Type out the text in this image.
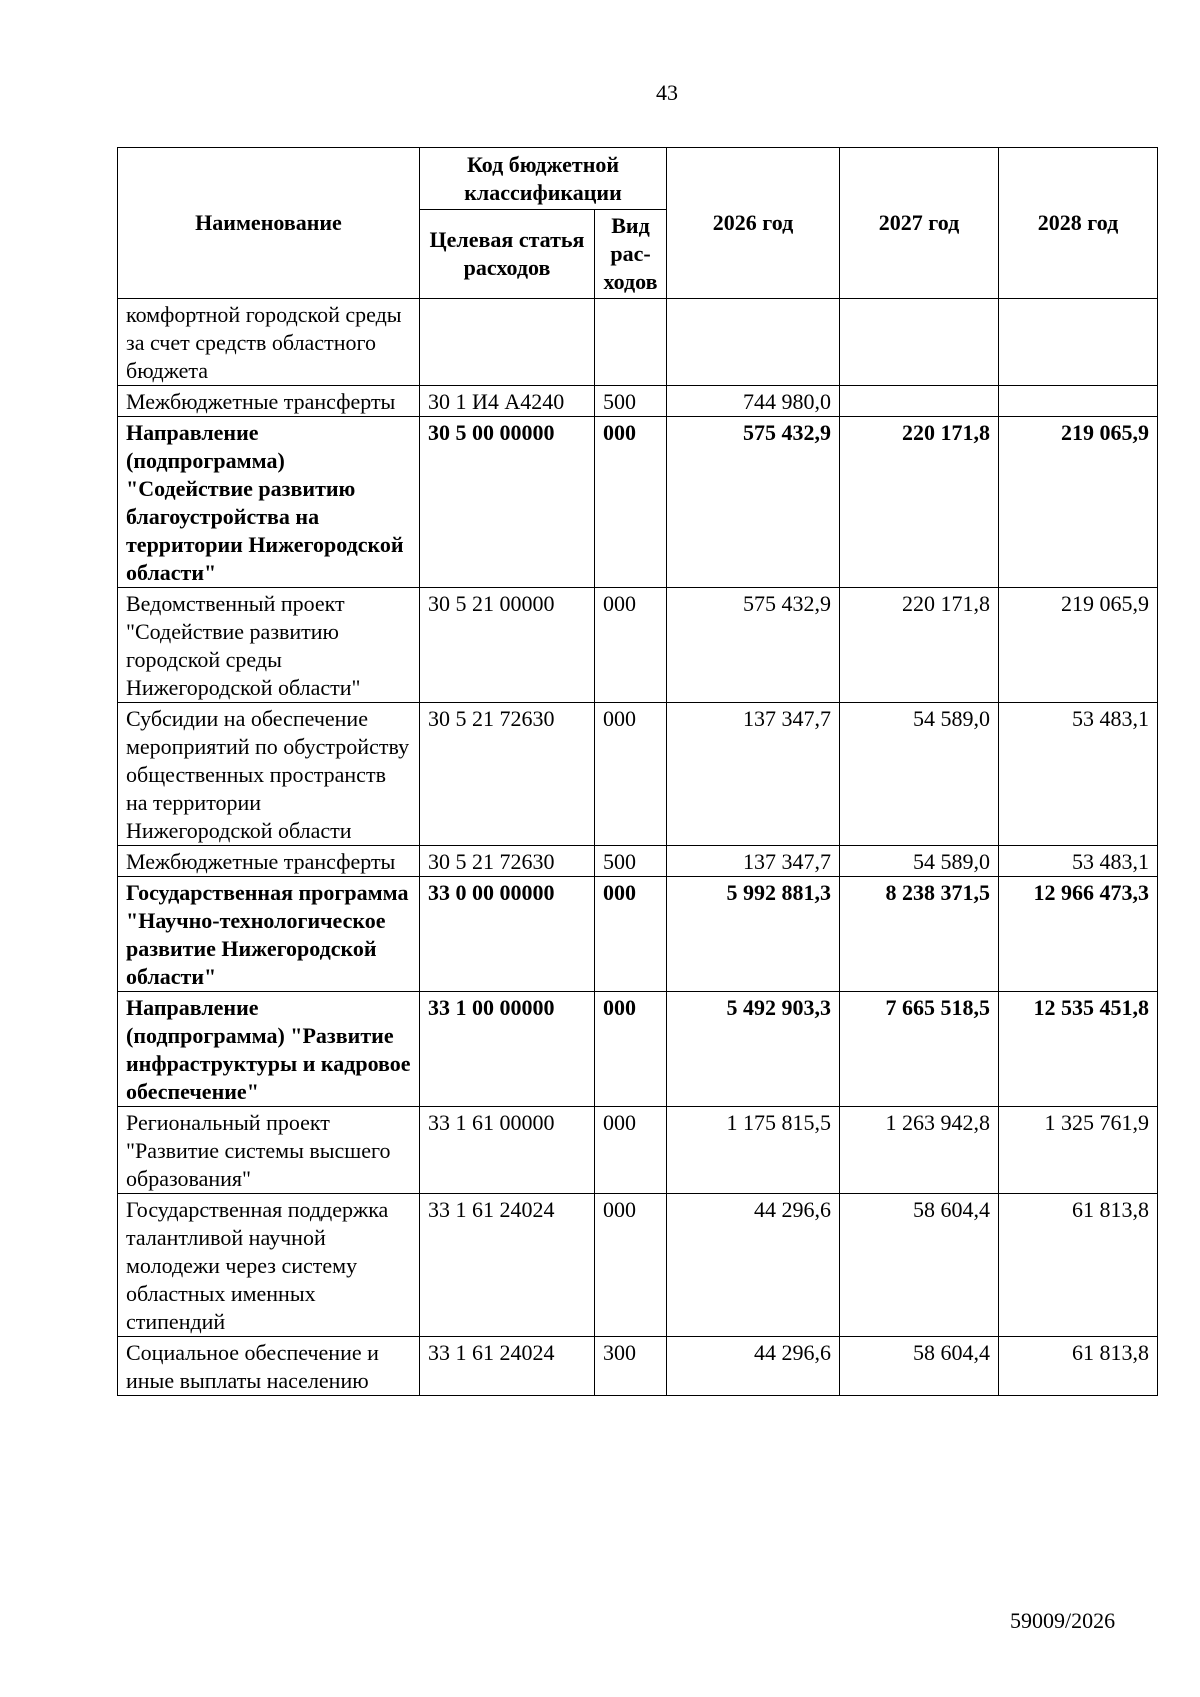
43
Наименование	Код бюджетной классификации		2026 год	2027 год	2028 год
	Целевая статья расходов	Вид рас-ходов			
комфортной городской среды за счет средств областного бюджета					
Межбюджетные трансферты	30 1 И4 А4240	500	744 980,0		
Направление (подпрограмма) "Содействие развитию благоустройства на территории Нижегородской области"	30 5 00 00000	000	575 432,9	220 171,8	219 065,9
Ведомственный проект "Содействие развитию городской среды Нижегородской области"	30 5 21 00000	000	575 432,9	220 171,8	219 065,9
Субсидии на обеспечение мероприятий по обустройству общественных пространств на территории Нижегородской области	30 5 21 72630	000	137 347,7	54 589,0	53 483,1
Межбюджетные трансферты	30 5 21 72630	500	137 347,7	54 589,0	53 483,1
Государственная программа "Научно-технологическое развитие Нижегородской области"	33 0 00 00000	000	5 992 881,3	8 238 371,5	12 966 473,3
Направление (подпрограмма) "Развитие инфраструктуры и кадровое обеспечение"	33 1 00 00000	000	5 492 903,3	7 665 518,5	12 535 451,8
Региональный проект "Развитие системы высшего образования"	33 1 61 00000	000	1 175 815,5	1 263 942,8	1 325 761,9
Государственная поддержка талантливой научной молодежи через систему областных именных стипендий	33 1 61 24024	000	44 296,6	58 604,4	61 813,8
Социальное обеспечение и иные выплаты населению	33 1 61 24024	300	44 296,6	58 604,4	61 813,8
59009/2026
